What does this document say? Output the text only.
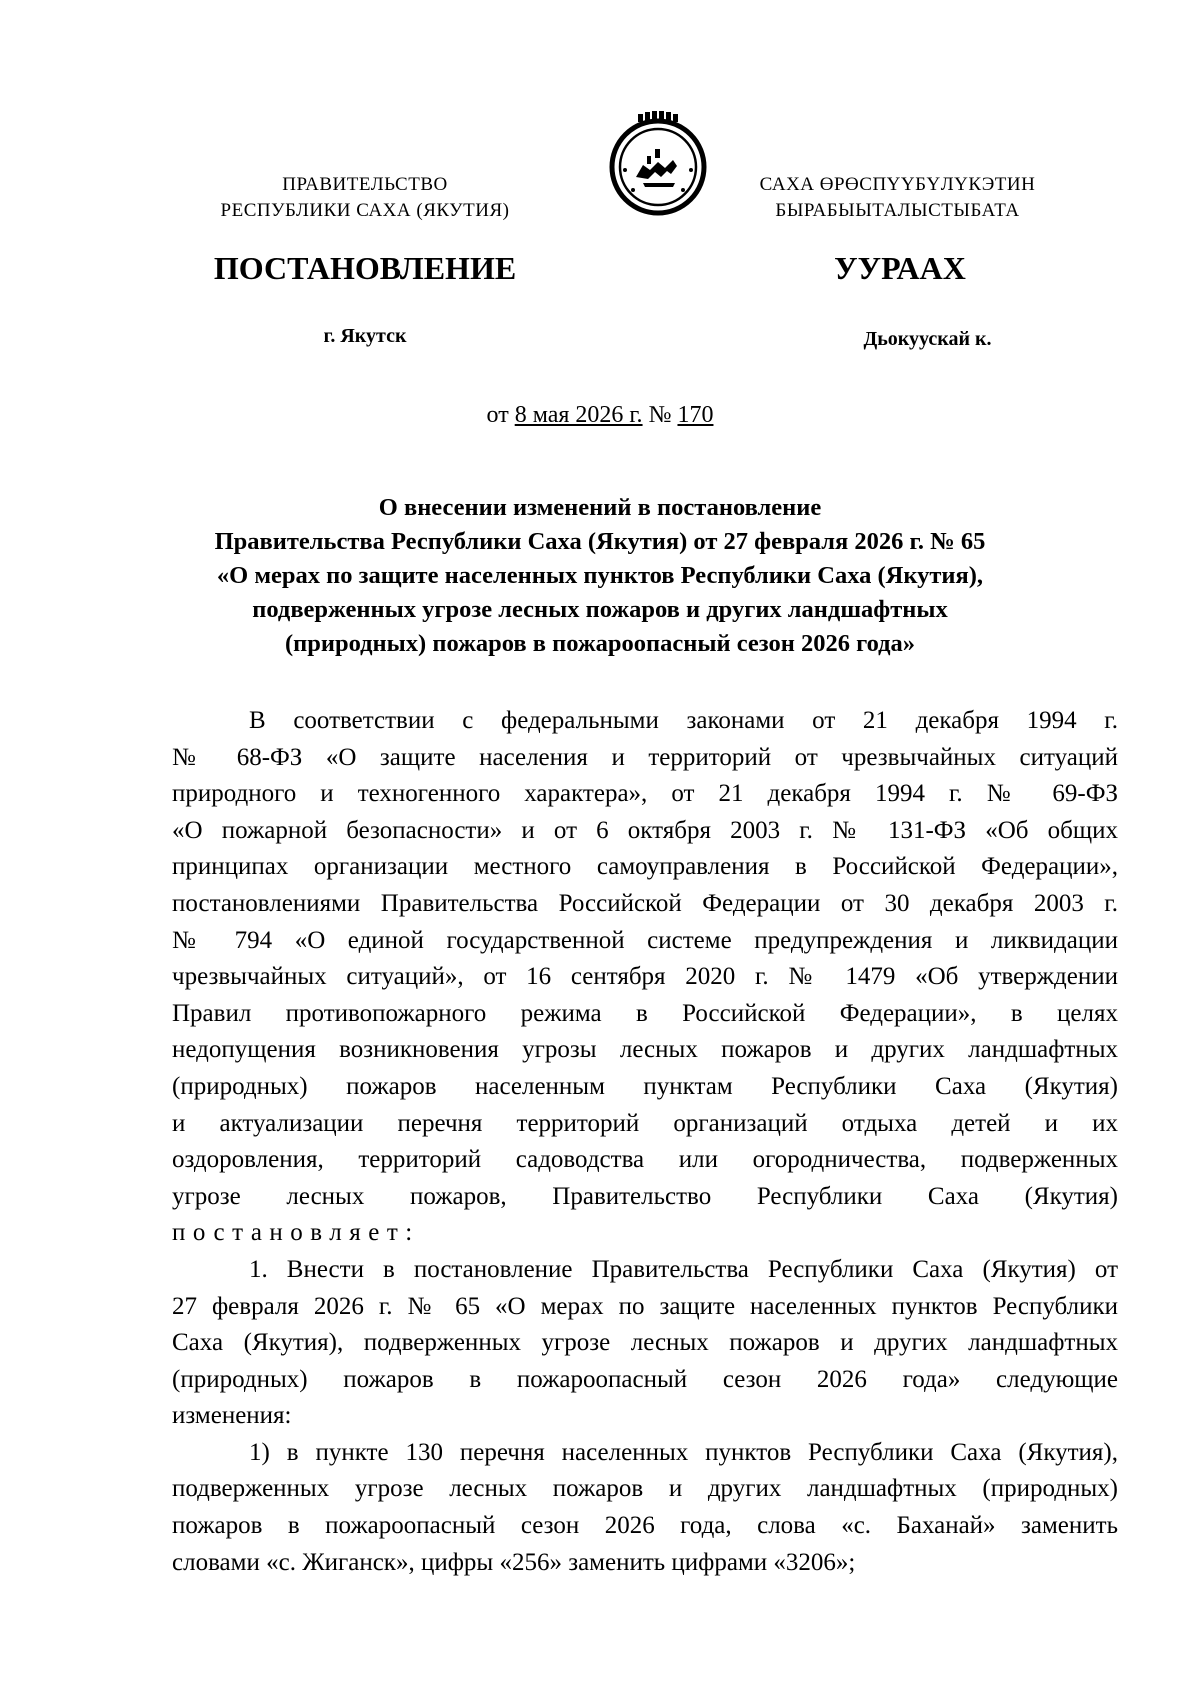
ПРАВИТЕЛЬСТВО
РЕСПУБЛИКИ САХА (ЯКУТИЯ)
САХА ӨРӨСПҮҮБҮЛҮКЭТИН
БЫРАБЫЫТАЛЫСТЫБАТА
ПОСТАНОВЛЕНИЕ	УУРААХ
г. Якутск	Дьокуускай к.
от 8 мая 2026 г. № 170
О внесении изменений в постановление
Правительства Республики Саха (Якутия) от 27 февраля 2026 г. № 65
«О мерах по защите населенных пунктов Республики Саха (Якутия),
подверженных угрозе лесных пожаров и других ландшафтных
(природных) пожаров в пожароопасный сезон 2026 года»
В соответствии с федеральными законами от 21 декабря 1994 г.
№ 68-ФЗ «О защите населения и территорий от чрезвычайных ситуаций
природного и техногенного характера», от 21 декабря 1994 г. № 69-ФЗ
«О пожарной безопасности» и от 6 октября 2003 г. № 131-ФЗ «Об общих
принципах организации местного самоуправления в Российской Федерации»,
постановлениями Правительства Российской Федерации от 30 декабря 2003 г.
№ 794 «О единой государственной системе предупреждения и ликвидации
чрезвычайных ситуаций», от 16 сентября 2020 г. № 1479 «Об утверждении
Правил противопожарного режима в Российской Федерации», в целях
недопущения возникновения угрозы лесных пожаров и других ландшафтных
(природных) пожаров населенным пунктам Республики Саха (Якутия)
и актуализации перечня территорий организаций отдыха детей и их
оздоровления, территорий садоводства или огородничества, подверженных
угрозе лесных пожаров, Правительство Республики Саха (Якутия)
постановляет:
1. Внести в постановление Правительства Республики Саха (Якутия) от
27 февраля 2026 г. № 65 «О мерах по защите населенных пунктов Республики
Саха (Якутия), подверженных угрозе лесных пожаров и других ландшафтных
(природных) пожаров в пожароопасный сезон 2026 года» следующие
изменения:
1) в пункте 130 перечня населенных пунктов Республики Саха (Якутия),
подверженных угрозе лесных пожаров и других ландшафтных (природных)
пожаров в пожароопасный сезон 2026 года, слова «с. Баханай» заменить
словами «с. Жиганск», цифры «256» заменить цифрами «3206»;
